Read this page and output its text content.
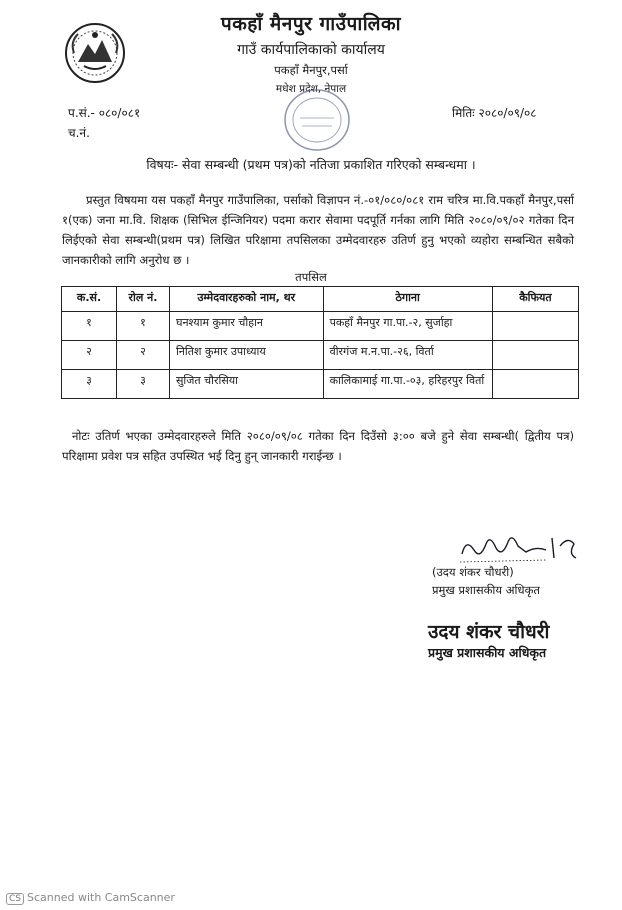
पकहाँ मैनपुर गाउँपालिका
गाउँ कार्यपालिकाको कार्यालय
पकहाँ मैनपुर,पर्सा
मधेश प्रदेश, नेपाल
प.सं.- ०८०/०८१
च.नं.
मितिः २०८०/०९/०८
विषयः- सेवा सम्बन्धी (प्रथम पत्र)को नतिजा प्रकाशित गरिएको सम्बन्धमा ।
प्रस्तुत विषयमा यस पकहाँ मैनपुर गाउँपालिका, पर्साको विज्ञापन नं.-०१/०८०/०८१ राम चरित्र मा.वि.पकहाँ मैनपुर,पर्सा १(एक) जना मा.वि. शिक्षक (सिभिल ईन्जिनियर) पदमा करार सेवामा पदपूर्ति गर्नका लागि मिति २०८०/०९/०२ गतेका दिन लिईएको सेवा सम्बन्धी(प्रथम पत्र) लिखित परिक्षामा तपसिलका उम्मेदवारहरु उतिर्ण हुनु भएको व्यहोरा सम्बन्धित सबैको जानकारीको लागि अनुरोध छ ।
तपसिल
क.सं.	रोल नं.	उम्मेदवारहरुको नाम, थर	ठेगाना	कैफियत
१	१	घनश्याम कुमार चौहान	पकहाँ मैनपुर गा.पा.-२, सुर्जाहा	
२	२	नितिश कुमार उपाध्याय	वीरगंज म.न.पा.-२६, विर्ता	
३	३	सुजित चौरसिया	कालिकामाई गा.पा.-०३, हरिहरपुर विर्ता	
नोटः उतिर्ण भएका उम्मेदवारहरुले मिति २०८०/०९/०८ गतेका दिन दिउँसो ३:०० बजे हुने सेवा सम्बन्धी( द्वितीय पत्र) परिक्षामा प्रवेश पत्र सहित उपस्थित भई दिनु हुन् जानकारी गराईन्छ ।
(उदय शंकर चौधरी)
प्रमुख प्रशासकीय अधिकृत
उदय शंकर चौधरी
प्रमुख प्रशासकीय अधिकृत
CS Scanned with CamScanner
